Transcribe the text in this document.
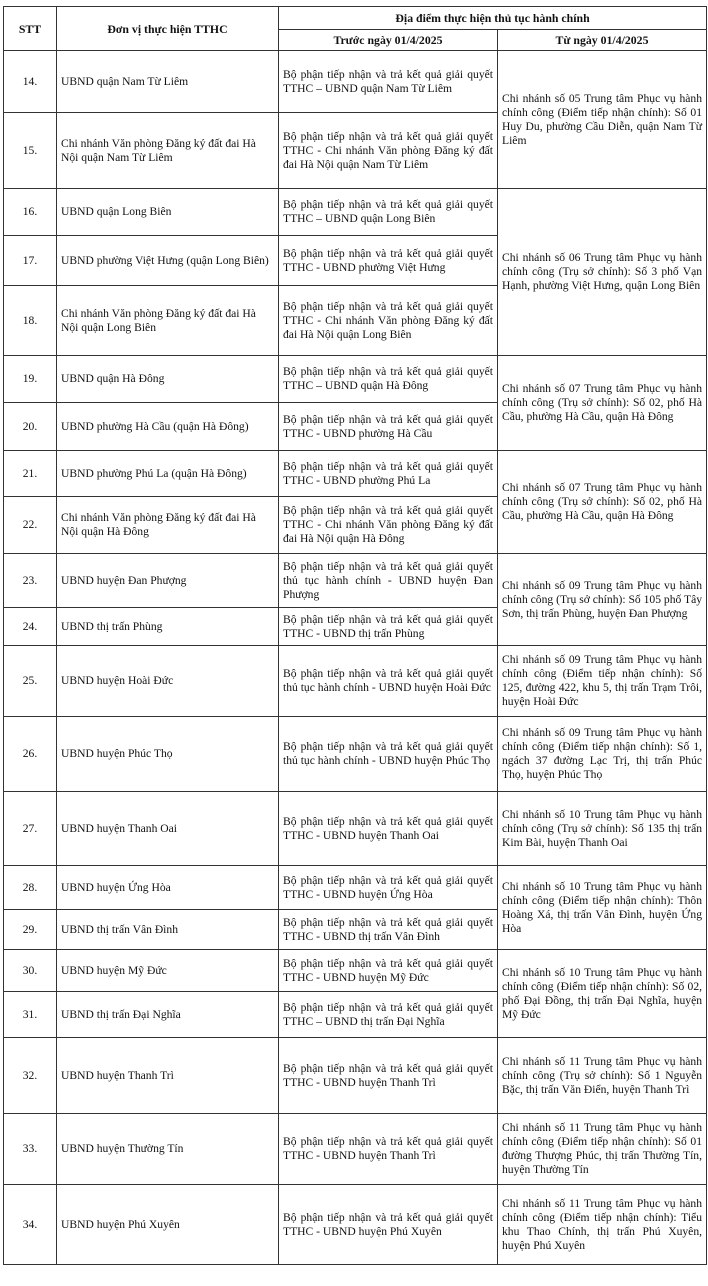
STT	Đơn vị thực hiện TTHC	Địa điểm thực hiện thủ tục hành chính	
		Trước ngày 01/4/2025	Từ ngày 01/4/2025
14.	UBND quận Nam Từ Liêm	Bộ phận tiếp nhận và trả kết quả giải quyết TTHC – UBND quận Nam Từ Liêm	Chi nhánh số 05 Trung tâm Phục vụ hành chính công (Điểm tiếp nhận chính): Số 01 Huy Du, phường Cầu Diễn, quận Nam Từ Liêm
15.	Chi nhánh Văn phòng Đăng ký đất đai Hà Nội quận Nam Từ Liêm	Bộ phận tiếp nhận và trả kết quả giải quyết TTHC - Chi nhánh Văn phòng Đăng ký đất đai Hà Nội quận Nam Từ Liêm	
16.	UBND quận Long Biên	Bộ phận tiếp nhận và trả kết quả giải quyết TTHC – UBND quận Long Biên	Chi nhánh số 06 Trung tâm Phục vụ hành chính công (Trụ sở chính): Số 3 phố Vạn Hạnh, phường Việt Hưng, quận Long Biên
17.	UBND phường Việt Hưng (quận Long Biên)	Bộ phận tiếp nhận và trả kết quả giải quyết TTHC - UBND phường Việt Hưng	
18.	Chi nhánh Văn phòng Đăng ký đất đai Hà Nội quận Long Biên	Bộ phận tiếp nhận và trả kết quả giải quyết TTHC - Chi nhánh Văn phòng Đăng ký đất đai Hà Nội quận Long Biên	
19.	UBND quận Hà Đông	Bộ phận tiếp nhận và trả kết quả giải quyết TTHC – UBND quận Hà Đông	Chi nhánh số 07 Trung tâm Phục vụ hành chính công (Trụ sở chính): Số 02, phố Hà Cầu, phường Hà Cầu, quận Hà Đông
20.	UBND phường Hà Cầu (quận Hà Đông)	Bộ phận tiếp nhận và trả kết quả giải quyết TTHC - UBND phường Hà Cầu	
21.	UBND phường Phú La (quận Hà Đông)	Bộ phận tiếp nhận và trả kết quả giải quyết TTHC - UBND phường Phú La	Chi nhánh số 07 Trung tâm Phục vụ hành chính công (Trụ sở chính): Số 02, phố Hà Cầu, phường Hà Cầu, quận Hà Đông
22.	Chi nhánh Văn phòng Đăng ký đất đai Hà Nội quận Hà Đông	Bộ phận tiếp nhận và trả kết quả giải quyết TTHC - Chi nhánh Văn phòng Đăng ký đất đai Hà Nội quận Hà Đông	
23.	UBND huyện Đan Phượng	Bộ phận tiếp nhận và trả kết quả giải quyết thủ tục hành chính - UBND huyện Đan Phượng	Chi nhánh số 09 Trung tâm Phục vụ hành chính công (Trụ sở chính): Số 105 phố Tây Sơn, thị trấn Phùng, huyện Đan Phượng
24.	UBND thị trấn Phùng	Bộ phận tiếp nhận và trả kết quả giải quyết TTHC - UBND thị trấn Phùng	
25.	UBND huyện Hoài Đức	Bộ phận tiếp nhận và trả kết quả giải quyết thủ tục hành chính - UBND huyện Hoài Đức	Chi nhánh số 09 Trung tâm Phục vụ hành chính công (Điểm tiếp nhận chính): Số 125, đường 422, khu 5, thị trấn Trạm Trôi, huyện Hoài Đức
26.	UBND huyện Phúc Thọ	Bộ phận tiếp nhận và trả kết quả giải quyết thủ tục hành chính - UBND huyện Phúc Thọ	Chi nhánh số 09 Trung tâm Phục vụ hành chính công (Điểm tiếp nhận chính): Số 1, ngách 37 đường Lạc Trị, thị trấn Phúc Thọ, huyện Phúc Thọ
27.	UBND huyện Thanh Oai	Bộ phận tiếp nhận và trả kết quả giải quyết TTHC - UBND huyện Thanh Oai	Chi nhánh số 10 Trung tâm Phục vụ hành chính công (Trụ sở chính): Số 135 thị trấn Kim Bài, huyện Thanh Oai
28.	UBND huyện Ứng Hòa	Bộ phận tiếp nhận và trả kết quả giải quyết TTHC - UBND huyện Ứng Hòa	Chi nhánh số 10 Trung tâm Phục vụ hành chính công (Điểm tiếp nhận chính): Thôn Hoàng Xá, thị trấn Vân Đình, huyện Ứng Hòa
29.	UBND thị trấn Vân Đình	Bộ phận tiếp nhận và trả kết quả giải quyết TTHC - UBND thị trấn Vân Đình	
30.	UBND huyện Mỹ Đức	Bộ phận tiếp nhận và trả kết quả giải quyết TTHC - UBND huyện Mỹ Đức	Chi nhánh số 10 Trung tâm Phục vụ hành chính công (Điểm tiếp nhận chính): Số 02, phố Đại Đồng, thị trấn Đại Nghĩa, huyện Mỹ Đức
31.	UBND thị trấn Đại Nghĩa	Bộ phận tiếp nhận và trả kết quả giải quyết TTHC – UBND thị trấn Đại Nghĩa	
32.	UBND huyện Thanh Trì	Bộ phận tiếp nhận và trả kết quả giải quyết TTHC - UBND huyện Thanh Trì	Chi nhánh số 11 Trung tâm Phục vụ hành chính công (Trụ sở chính): Số 1 Nguyễn Bặc, thị trấn Văn Điển, huyện Thanh Trì
33.	UBND huyện Thường Tín	Bộ phận tiếp nhận và trả kết quả giải quyết TTHC - UBND huyện Thanh Trì	Chi nhánh số 11 Trung tâm Phục vụ hành chính công (Điểm tiếp nhận chính): Số 01 đường Thượng Phúc, thị trấn Thường Tín, huyện Thường Tín
34.	UBND huyện Phú Xuyên	Bộ phận tiếp nhận và trả kết quả giải quyết TTHC - UBND huyện Phú Xuyên	Chi nhánh số 11 Trung tâm Phục vụ hành chính công (Điểm tiếp nhận chính): Tiểu khu Thao Chính, thị trấn Phú Xuyên, huyện Phú Xuyên
